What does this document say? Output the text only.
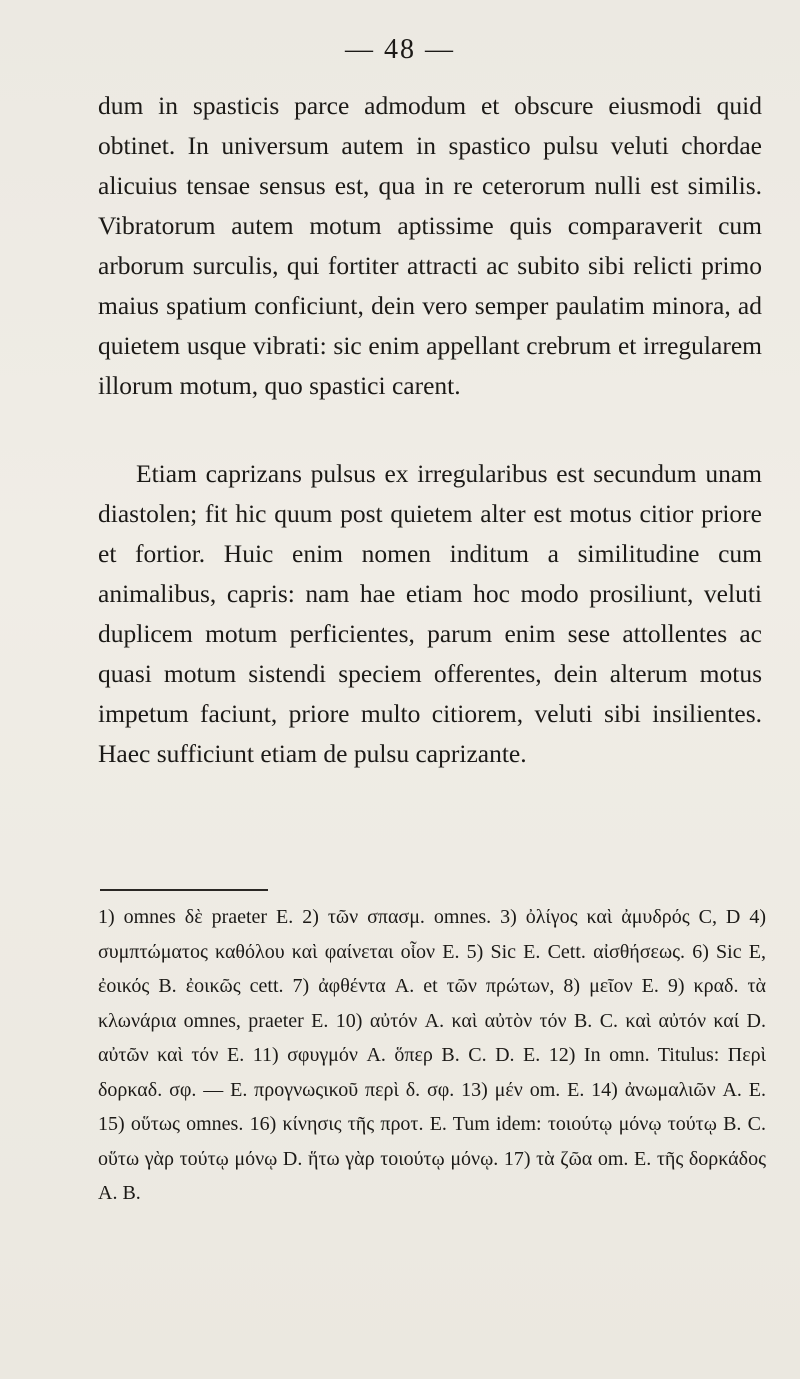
— 48 —

dum in spasticis parce admodum et obscure eiusmodi quid obtinet. In universum autem in spastico pulsu veluti chordae alicuius tensae sensus est, qua in re ceterorum nulli est similis. Vibratorum autem motum aptissime quis comparaverit cum arborum surculis, qui fortiter attracti ac subito sibi relicti primo maius spatium conficiunt, dein vero semper paulatim minora, ad quietem usque vibrati: sic enim appellant crebrum et irregularem illorum motum, quo spastici carent.

Etiam caprizans pulsus ex irregularibus est secundum unam diastolen; fit hic quum post quietem alter est motus citior priore et fortior. Huic enim nomen inditum a similitudine cum animalibus, capris: nam hae etiam hoc modo prosiliunt, veluti duplicem motum perficientes, parum enim sese attollentes ac quasi motum sistendi speciem offerentes, dein alterum motus impetum faciunt, priore multo citiorem, veluti sibi insilientes. Haec sufficiunt etiam de pulsu caprizante.

1) omnes δὲ praeter E. 2) τῶν σπασμ. omnes. 3) ὀλίγος καὶ ἀμυδρός C, D 4) συμπτώματος καθόλου καὶ φαίνεται οἷον E. 5) Sic E. Cett. αἰσθήσεως. 6) Sic E, ἐοικός B. ἐοικῶς cett. 7) ἀφθέντα A. et τῶν πρώτων, 8) μεῖον E. 9) κραδ. τὰ κλωνάρια omnes, praeter E. 10) αὐτόν A. καὶ αὐτὸν τόν B. C. καὶ αὐτόν καί D. αὐτῶν καὶ τόν E. 11) σφυγμόν A. ὅπερ B. C. D. E. 12) In omn. Titulus: Περὶ δορκαδ. σφ. — E. προγνωςικοῦ περὶ δ. σφ. 13) μέν om. E. 14) ἀνωμαλιῶν A. E. 15) οὕτως omnes. 16) κίνησις τῆς προτ. E. Tum idem: τοιούτῳ μόνῳ τούτῳ B. C. οὕτω γὰρ τούτῳ μόνῳ D. ἥτω γὰρ τοιούτῳ μόνῳ. 17) τὰ ζῶα om. E. τῆς δορκάδος A. B.
